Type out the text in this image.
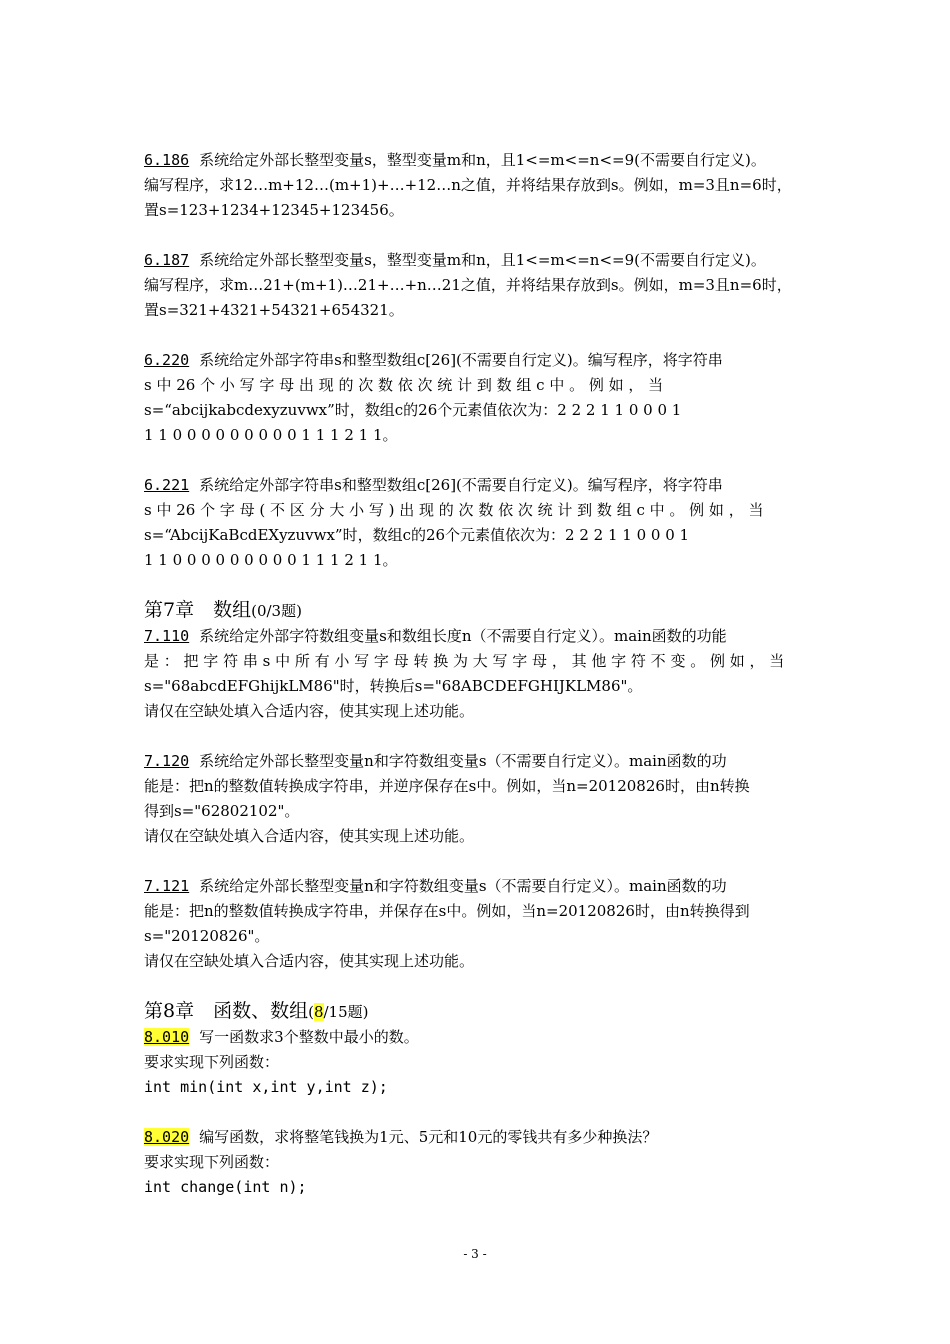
6.186 系统给定外部长整型变量s，整型变量m和n，且1<=m<=n<=9(不需要自行定义)。
编写程序，求12…m+12…(m+1)+…+12…n之值，并将结果存放到s。例如，m=3且n=6时，
置s=123+1234+12345+123456。

6.187 系统给定外部长整型变量s，整型变量m和n，且1<=m<=n<=9(不需要自行定义)。
编写程序，求m…21+(m+1)…21+…+n…21之值，并将结果存放到s。例如，m=3且n=6时，
置s=321+4321+54321+654321。

6.220 系统给定外部字符串s和整型数组c[26](不需要自行定义)。编写程序，将字符串
s 中 26 个 小 写 字 母 出 现 的 次 数 依 次 统 计 到 数 组 c 中 。 例 如 ， 当
s=“abcijkabcdexyzuvwx”时，数组c的26个元素值依次为：2 2 2 1 1 0 0 0 1
1 1 0 0 0 0 0 0 0 0 0 1 1 1 2 1 1。

6.221 系统给定外部字符串s和整型数组c[26](不需要自行定义)。编写程序，将字符串
s 中 26 个 字 母 ( 不 区 分 大 小 写 ) 出 现 的 次 数 依 次 统 计 到 数 组 c 中 。 例 如 ， 当
s=“AbcijKaBcdEXyzuvwx”时，数组c的26个元素值依次为：2 2 2 1 1 0 0 0 1
1 1 0 0 0 0 0 0 0 0 0 1 1 1 2 1 1。

第7章　数组(0/3题)

7.110 系统给定外部字符数组变量s和数组长度n（不需要自行定义）。main函数的功能
是 ： 把 字 符 串 s 中 所 有 小 写 字 母 转 换 为 大 写 字 母 ， 其 他 字 符 不 变 。 例 如 ， 当
s="68abcdEFGhijkLM86"时，转换后s="68ABCDEFGHIJKLM86"。
请仅在空缺处填入合适内容，使其实现上述功能。

7.120 系统给定外部长整型变量n和字符数组变量s（不需要自行定义）。main函数的功
能是：把n的整数值转换成字符串，并逆序保存在s中。例如，当n=20120826时，由n转换
得到s="62802102"。
请仅在空缺处填入合适内容，使其实现上述功能。

7.121 系统给定外部长整型变量n和字符数组变量s（不需要自行定义）。main函数的功
能是：把n的整数值转换成字符串，并保存在s中。例如，当n=20120826时，由n转换得到
s="20120826"。
请仅在空缺处填入合适内容，使其实现上述功能。

第8章　函数、数组(8/15题)

8.010 写一函数求3个整数中最小的数。
要求实现下列函数：
int min(int x,int y,int z);

8.020 编写函数，求将整笔钱换为1元、5元和10元的零钱共有多少种换法？
要求实现下列函数：
int change(int n);

- 3 -
